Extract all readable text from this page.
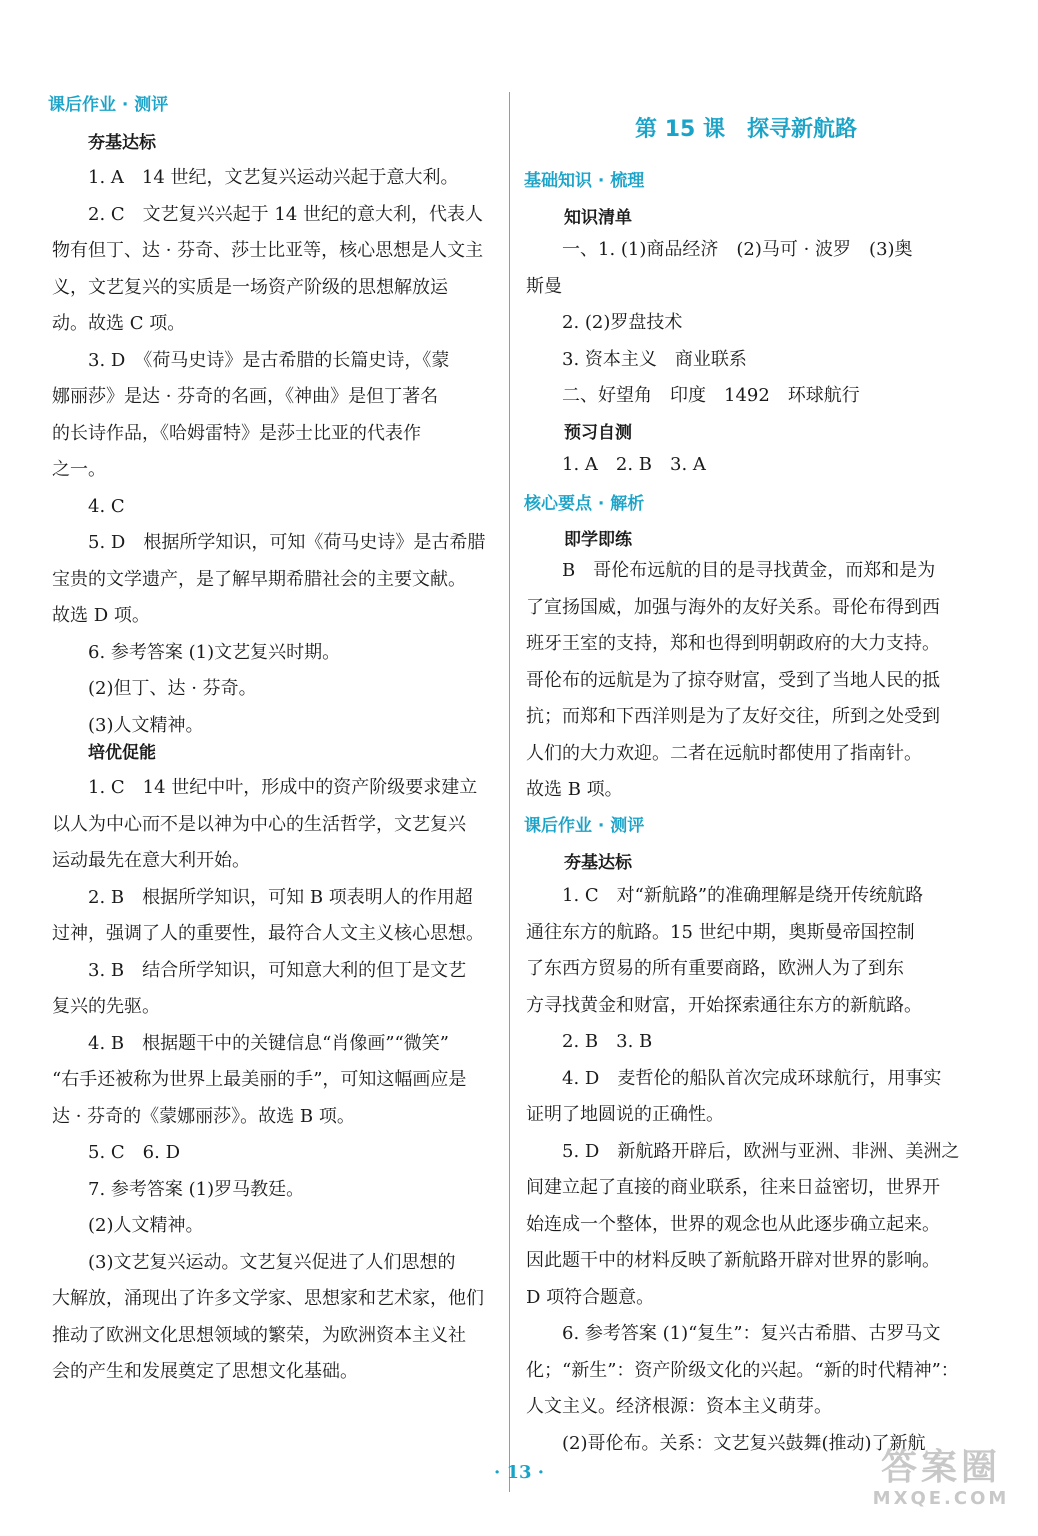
课后作业 · 测评
夯基达标
1. A　14 世纪，文艺复兴运动兴起于意大利。
2. C　文艺复兴兴起于 14 世纪的意大利，代表人
物有但丁、达 · 芬奇、莎士比亚等，核心思想是人文主
义，文艺复兴的实质是一场资产阶级的思想解放运
动。故选 C 项。
3. D　《荷马史诗》是古希腊的长篇史诗，《蒙
娜丽莎》是达 · 芬奇的名画，《神曲》是但丁著名
的长诗作品，《哈姆雷特》是莎士比亚的代表作
之一。
4. C
5. D　根据所学知识，可知《荷马史诗》是古希腊
宝贵的文学遗产，是了解早期希腊社会的主要文献。
故选 D 项。
6. 参考答案 (1)文艺复兴时期。
(2)但丁、达 · 芬奇。
(3)人文精神。
培优促能
1. C　14 世纪中叶，形成中的资产阶级要求建立
以人为中心而不是以神为中心的生活哲学，文艺复兴
运动最先在意大利开始。
2. B　根据所学知识，可知 B 项表明人的作用超
过神，强调了人的重要性，最符合人文主义核心思想。
3. B　结合所学知识，可知意大利的但丁是文艺
复兴的先驱。
4. B　根据题干中的关键信息“肖像画”“微笑”
“右手还被称为世界上最美丽的手”，可知这幅画应是
达 · 芬奇的《蒙娜丽莎》。故选 B 项。
5. C　6. D
7. 参考答案 (1)罗马教廷。
(2)人文精神。
(3)文艺复兴运动。文艺复兴促进了人们思想的
大解放，涌现出了许多文学家、思想家和艺术家，他们
推动了欧洲文化思想领域的繁荣，为欧洲资本主义社
会的产生和发展奠定了思想文化基础。
第 15 课　探寻新航路
基础知识 · 梳理
知识清单
一、1. (1)商品经济　(2)马可 · 波罗　(3)奥
斯曼
2. (2)罗盘技术
3. 资本主义　商业联系
二、好望角　印度　1492　环球航行
预习自测
1. A　2. B　3. A
核心要点 · 解析
即学即练
B　哥伦布远航的目的是寻找黄金，而郑和是为
了宣扬国威，加强与海外的友好关系。哥伦布得到西
班牙王室的支持，郑和也得到明朝政府的大力支持。
哥伦布的远航是为了掠夺财富，受到了当地人民的抵
抗；而郑和下西洋则是为了友好交往，所到之处受到
人们的大力欢迎。二者在远航时都使用了指南针。
故选 B 项。
课后作业 · 测评
夯基达标
1. C　对“新航路”的准确理解是绕开传统航路
通往东方的航路。15 世纪中期，奥斯曼帝国控制
了东西方贸易的所有重要商路，欧洲人为了到东
方寻找黄金和财富，开始探索通往东方的新航路。
2. B　3. B
4. D　麦哲伦的船队首次完成环球航行，用事实
证明了地圆说的正确性。
5. D　新航路开辟后，欧洲与亚洲、非洲、美洲之
间建立起了直接的商业联系，往来日益密切，世界开
始连成一个整体，世界的观念也从此逐步确立起来。
因此题干中的材料反映了新航路开辟对世界的影响。
D 项符合题意。
6. 参考答案 (1)“复生”：复兴古希腊、古罗马文
化；“新生”：资产阶级文化的兴起。“新的时代精神”：
人文主义。经济根源：资本主义萌芽。
(2)哥伦布。关系：文艺复兴鼓舞(推动)了新航
· 13 ·	答案圈
MXQE.COM
